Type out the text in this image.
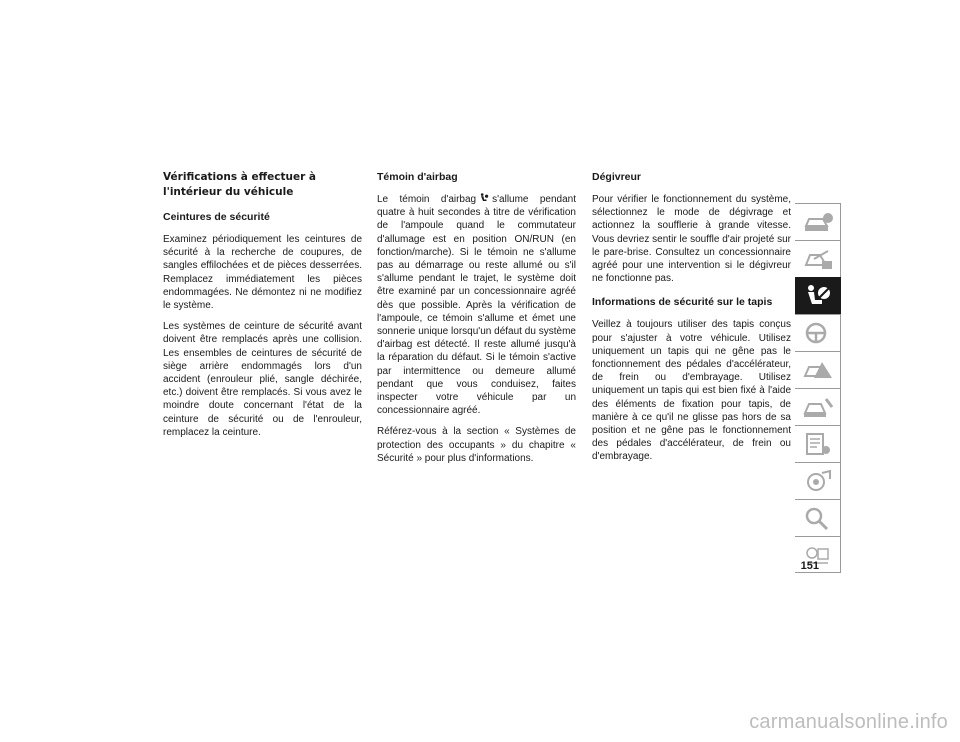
Vérifications à effectuer à l'intérieur du véhicule
Ceintures de sécurité

Examinez périodiquement les ceintures de sécurité à la recherche de coupures, de sangles effilochées et de pièces desserrées. Remplacez immédiatement les pièces endommagées. Ne démontez ni ne modifiez le système.

Les systèmes de ceinture de sécurité avant doivent être remplacés après une collision. Les ensembles de ceintures de sécurité de siège arrière endommagés lors d'un accident (enrouleur plié, sangle déchirée, etc.) doivent être remplacés. Si vous avez le moindre doute concernant l'état de la ceinture de sécurité ou de l'enrouleur, remplacez la ceinture.

Témoin d'airbag

Le témoin d'airbag s'allume pendant quatre à huit secondes à titre de vérification de l'ampoule quand le commutateur d'allumage est en position ON/RUN (en fonction/marche). Si le témoin ne s'allume pas au démarrage ou reste allumé ou s'il s'allume pendant le trajet, le système doit être examiné par un concessionnaire agréé dès que possible. Après la vérification de l'ampoule, ce témoin s'allume et émet une sonnerie unique lorsqu'un défaut du système d'airbag est détecté. Il reste allumé jusqu'à la réparation du défaut. Si le témoin s'active par intermittence ou demeure allumé pendant que vous conduisez, faites inspecter votre véhicule par un concessionnaire agréé.

Référez-vous à la section « Systèmes de protection des occupants » du chapitre « Sécurité » pour plus d'informations.

Dégivreur

Pour vérifier le fonctionnement du système, sélectionnez le mode de dégivrage et actionnez la soufflerie à grande vitesse. Vous devriez sentir le souffle d'air projeté sur le pare-brise. Consultez un concessionnaire agréé pour une intervention si le dégivreur ne fonctionne pas.

Informations de sécurité sur le tapis

Veillez à toujours utiliser des tapis conçus pour s'ajuster à votre véhicule. Utilisez uniquement un tapis qui ne gêne pas le fonctionnement des pédales d'accélérateur, de frein ou d'embrayage. Utilisez uniquement un tapis qui est bien fixé à l'aide des éléments de fixation pour tapis, de manière à ce qu'il ne glisse pas hors de sa position et ne gêne pas le fonctionnement des pédales d'accélérateur, de frein ou d'embrayage.

151
carmanualsonline.info
